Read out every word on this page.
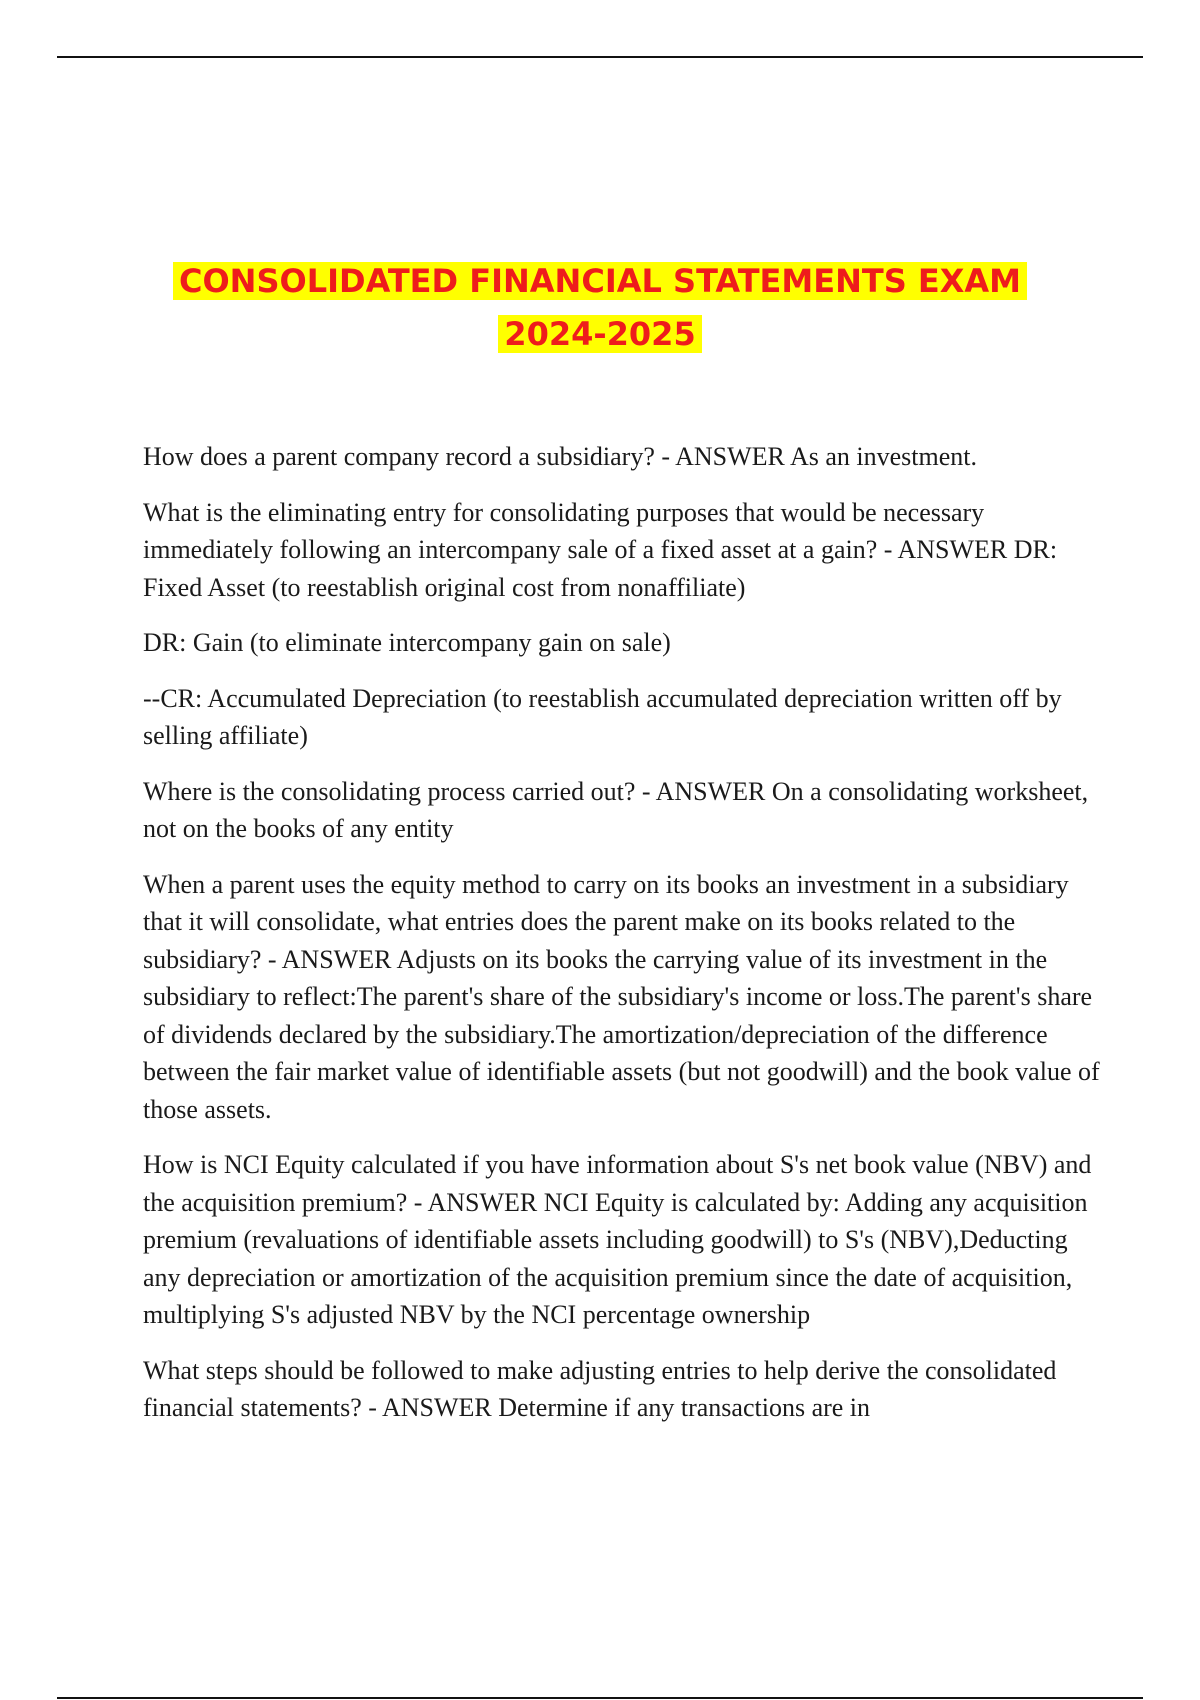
CONSOLIDATED FINANCIAL STATEMENTS EXAM
2024-2025

How does a parent company record a subsidiary? - ANSWER As an investment.

What is the eliminating entry for consolidating purposes that would be necessary immediately following an intercompany sale of a fixed asset at a gain? - ANSWER DR: Fixed Asset (to reestablish original cost from nonaffiliate)

DR: Gain (to eliminate intercompany gain on sale)

--CR: Accumulated Depreciation (to reestablish accumulated depreciation written off by selling affiliate)

Where is the consolidating process carried out? - ANSWER On a consolidating worksheet, not on the books of any entity

When a parent uses the equity method to carry on its books an investment in a subsidiary that it will consolidate, what entries does the parent make on its books related to the subsidiary? - ANSWER Adjusts on its books the carrying value of its investment in the subsidiary to reflect:The parent's share of the subsidiary's income or loss.The parent's share of dividends declared by the subsidiary.The amortization/depreciation of the difference between the fair market value of identifiable assets (but not goodwill) and the book value of those assets.

How is NCI Equity calculated if you have information about S's net book value (NBV) and the acquisition premium? - ANSWER NCI Equity is calculated by: Adding any acquisition premium (revaluations of identifiable assets including goodwill) to S's (NBV),Deducting any depreciation or amortization of the acquisition premium since the date of acquisition, multiplying S's adjusted NBV by the NCI percentage ownership

What steps should be followed to make adjusting entries to help derive the consolidated financial statements? - ANSWER Determine if any transactions are in
